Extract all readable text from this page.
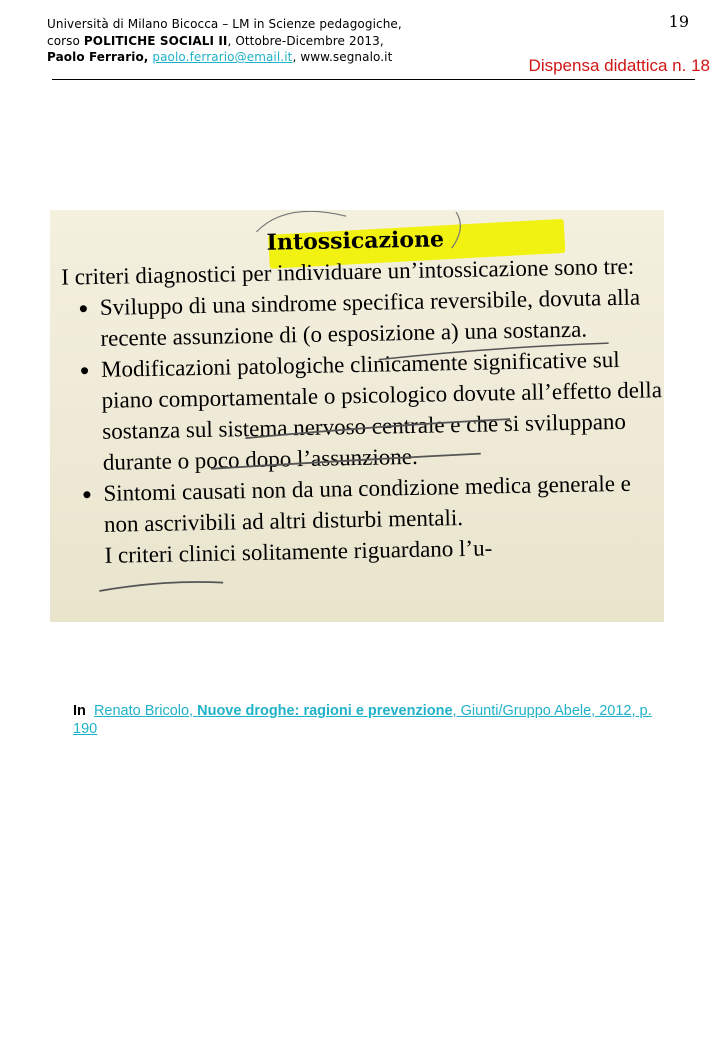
Università di Milano Bicocca – LM in Scienze pedagogiche,
corso POLITICHE SOCIALI II, Ottobre-Dicembre 2013,
Paolo Ferrario, paolo.ferrario@email.it, www.segnalo.it
19
Dispensa didattica n. 18
Intossicazione

I criteri diagnostici per individuare un’intossicazione sono tre:

• Sviluppo di una sindrome specifica reversibile, dovuta alla recente assunzione di (o esposizione a) una sostanza.
• Modificazioni patologiche clinicamente significative sul piano comportamentale o psicologico dovute all’effetto della sostanza sul sistema nervoso centrale e che si sviluppano durante o poco dopo l’assunzione.
• Sintomi causati non da una condizione medica generale e non ascrivibili ad altri disturbi mentali.

I criteri clinici solitamente riguardano l’u-

In Renato Bricolo, Nuove droghe: ragioni e prevenzione, Giunti/Gruppo Abele, 2012, p. 190
